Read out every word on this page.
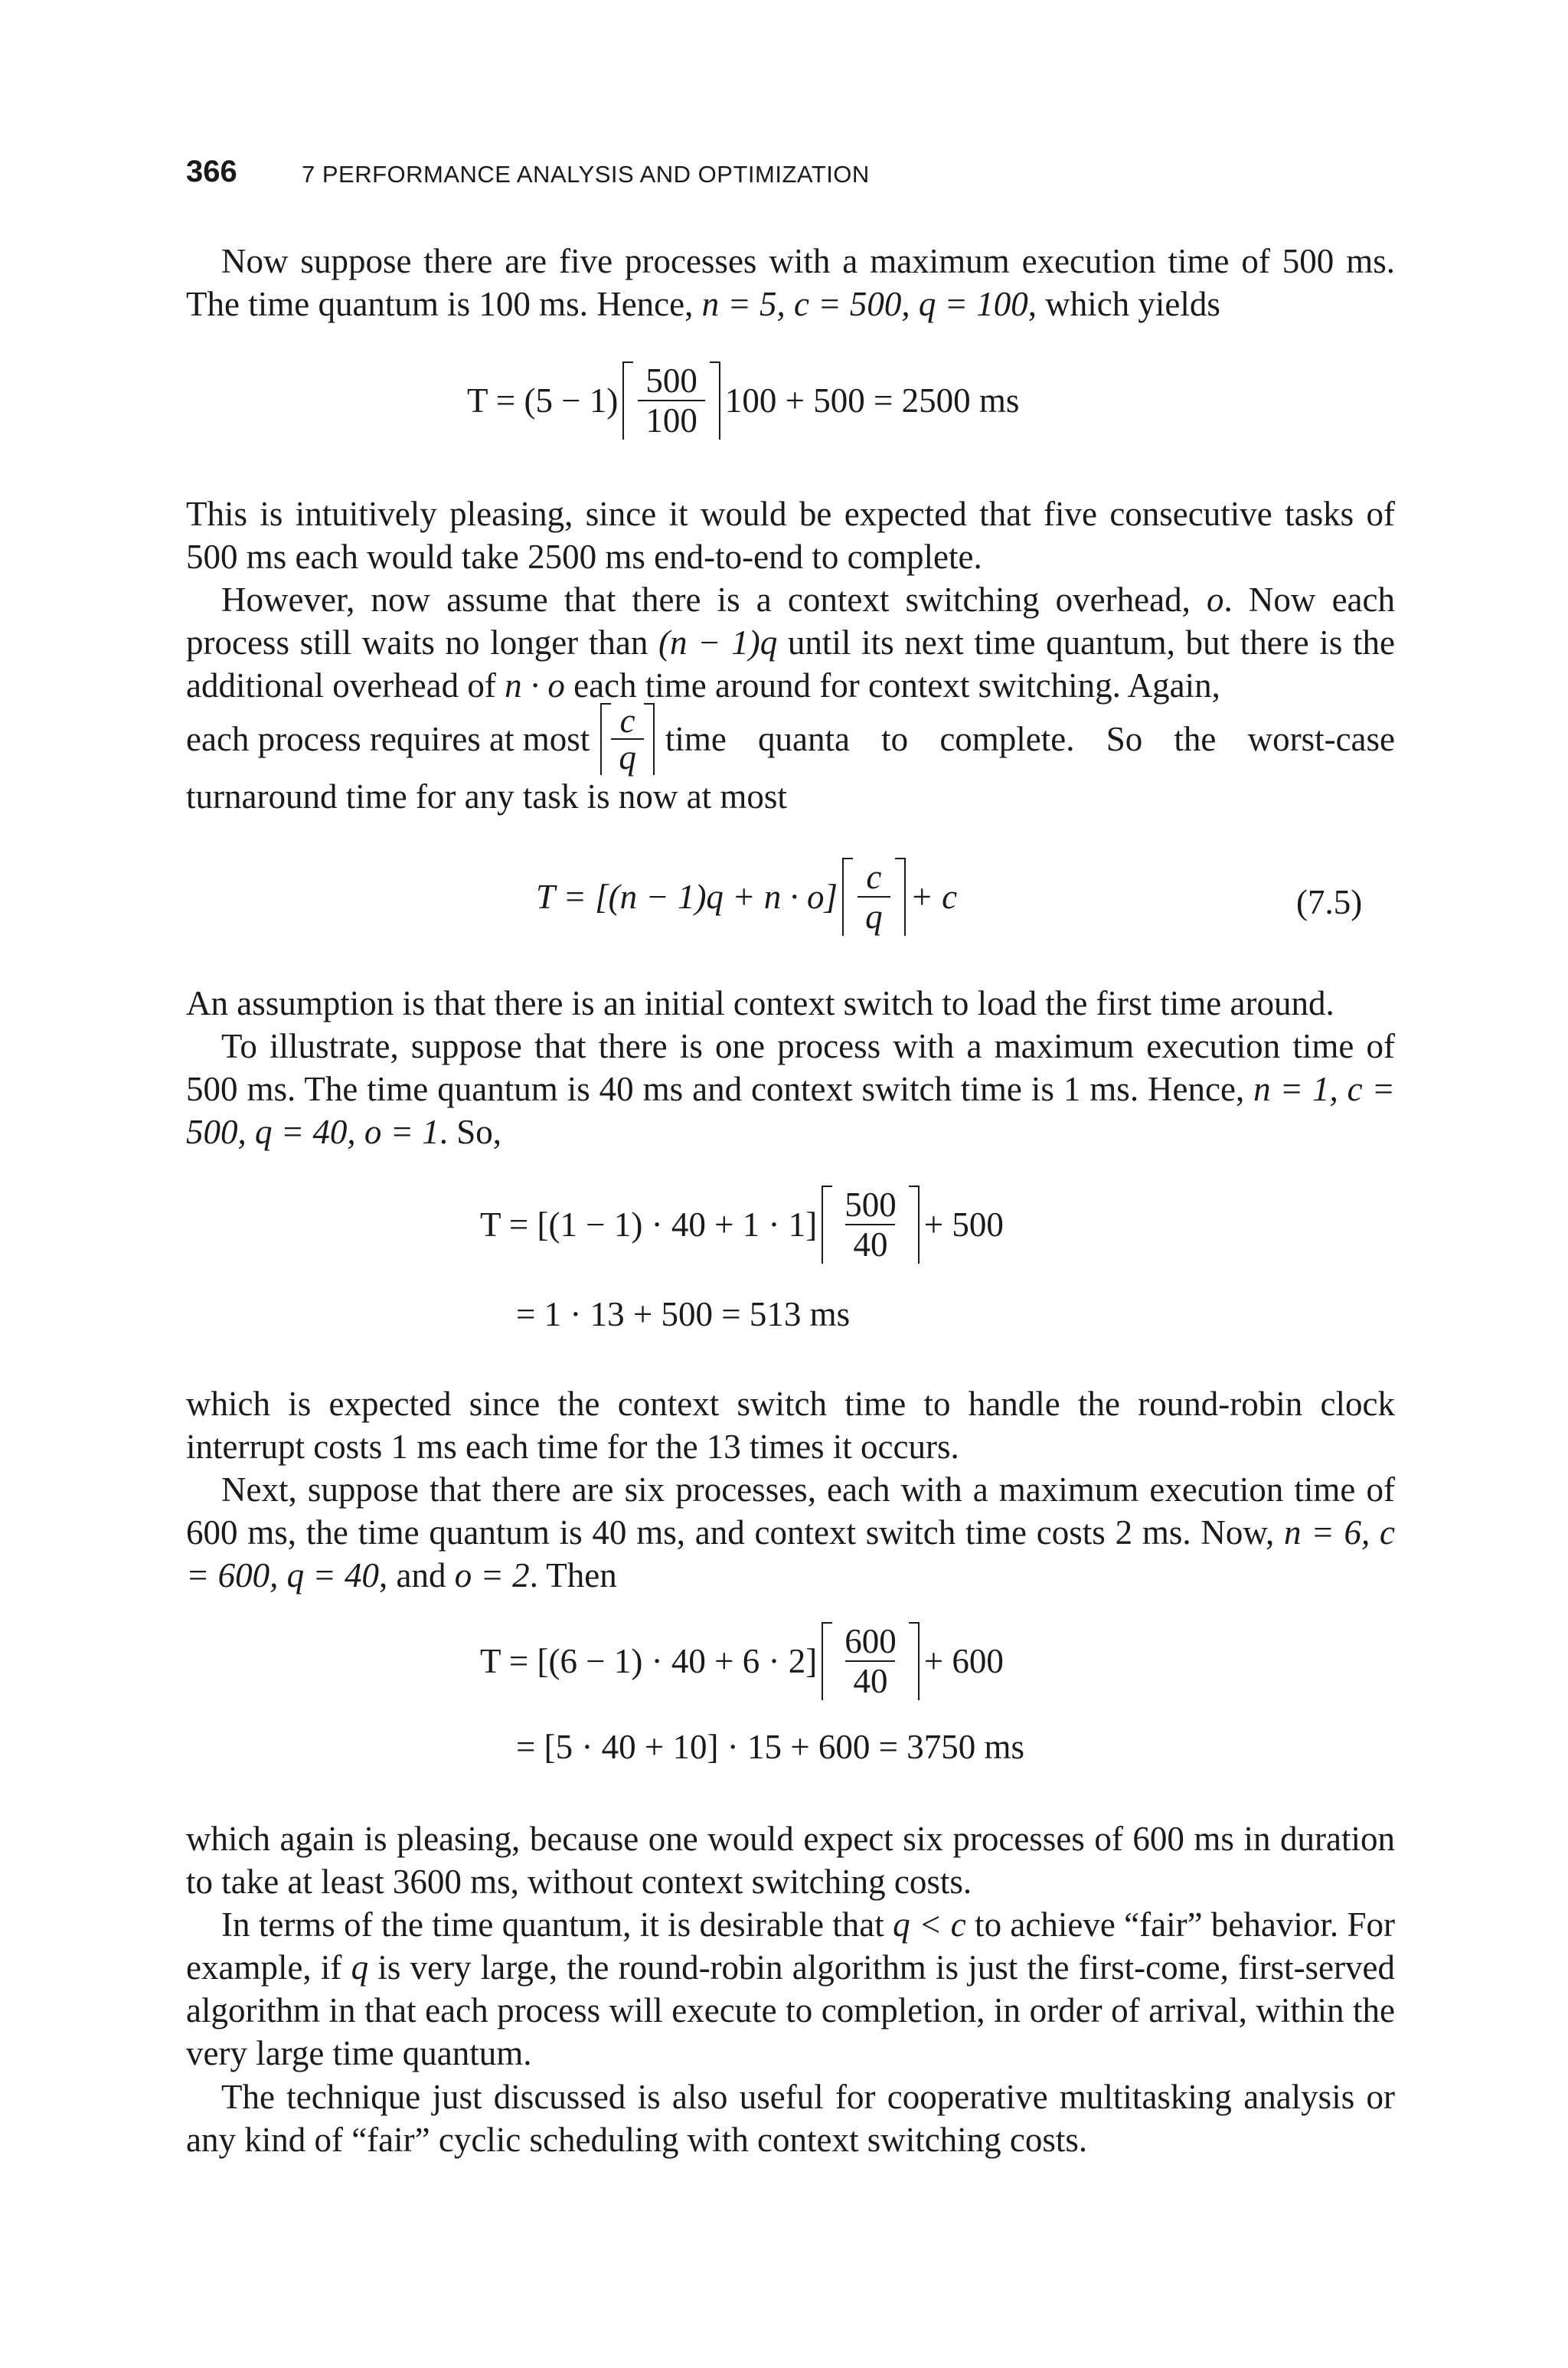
366	7 PERFORMANCE ANALYSIS AND OPTIMIZATION

Now suppose there are five processes with a maximum execution time of 500 ms. The time quantum is 100 ms. Hence, n = 5, c = 500, q = 100, which yields

$T = (5 - 1) \frac{500}{100} 100 + 500 = 2500$ ms

This is intuitively pleasing, since it would be expected that five consecutive tasks of 500 ms each would take 2500 ms end-to-end to complete.

However, now assume that there is a context switching overhead, o. Now each process still waits no longer than (n − 1)q until its next time quantum, but there is the additional overhead of n · o each time around for context switching. Again,

each process requires at most $\frac{c}{q}$ time quanta to complete. So the worst-case

turnaround time for any task is now at most

$T = [(n - 1)q + n \cdot o] \frac{c}{q} + c$	(7.5)

An assumption is that there is an initial context switch to load the first time around.

To illustrate, suppose that there is one process with a maximum execution time of 500 ms. The time quantum is 40 ms and context switch time is 1 ms. Hence, n = 1, c = 500, q = 40, o = 1. So,

$T = [(1 - 1) \cdot 40 + 1 \cdot 1] \frac{500}{40} + 500$
= 1 · 13 + 500 = 513 ms

which is expected since the context switch time to handle the round-robin clock interrupt costs 1 ms each time for the 13 times it occurs.

Next, suppose that there are six processes, each with a maximum execution time of 600 ms, the time quantum is 40 ms, and context switch time costs 2 ms. Now, n = 6, c = 600, q = 40, and o = 2. Then

$T = [(6 - 1) \cdot 40 + 6 \cdot 2] \frac{600}{40} + 600$
= [5 · 40 + 10] · 15 + 600 = 3750 ms

which again is pleasing, because one would expect six processes of 600 ms in duration to take at least 3600 ms, without context switching costs.

In terms of the time quantum, it is desirable that q < c to achieve “fair” behavior. For example, if q is very large, the round-robin algorithm is just the first-come, first-served algorithm in that each process will execute to completion, in order of arrival, within the very large time quantum.

The technique just discussed is also useful for cooperative multitasking analysis or any kind of “fair” cyclic scheduling with context switching costs.
